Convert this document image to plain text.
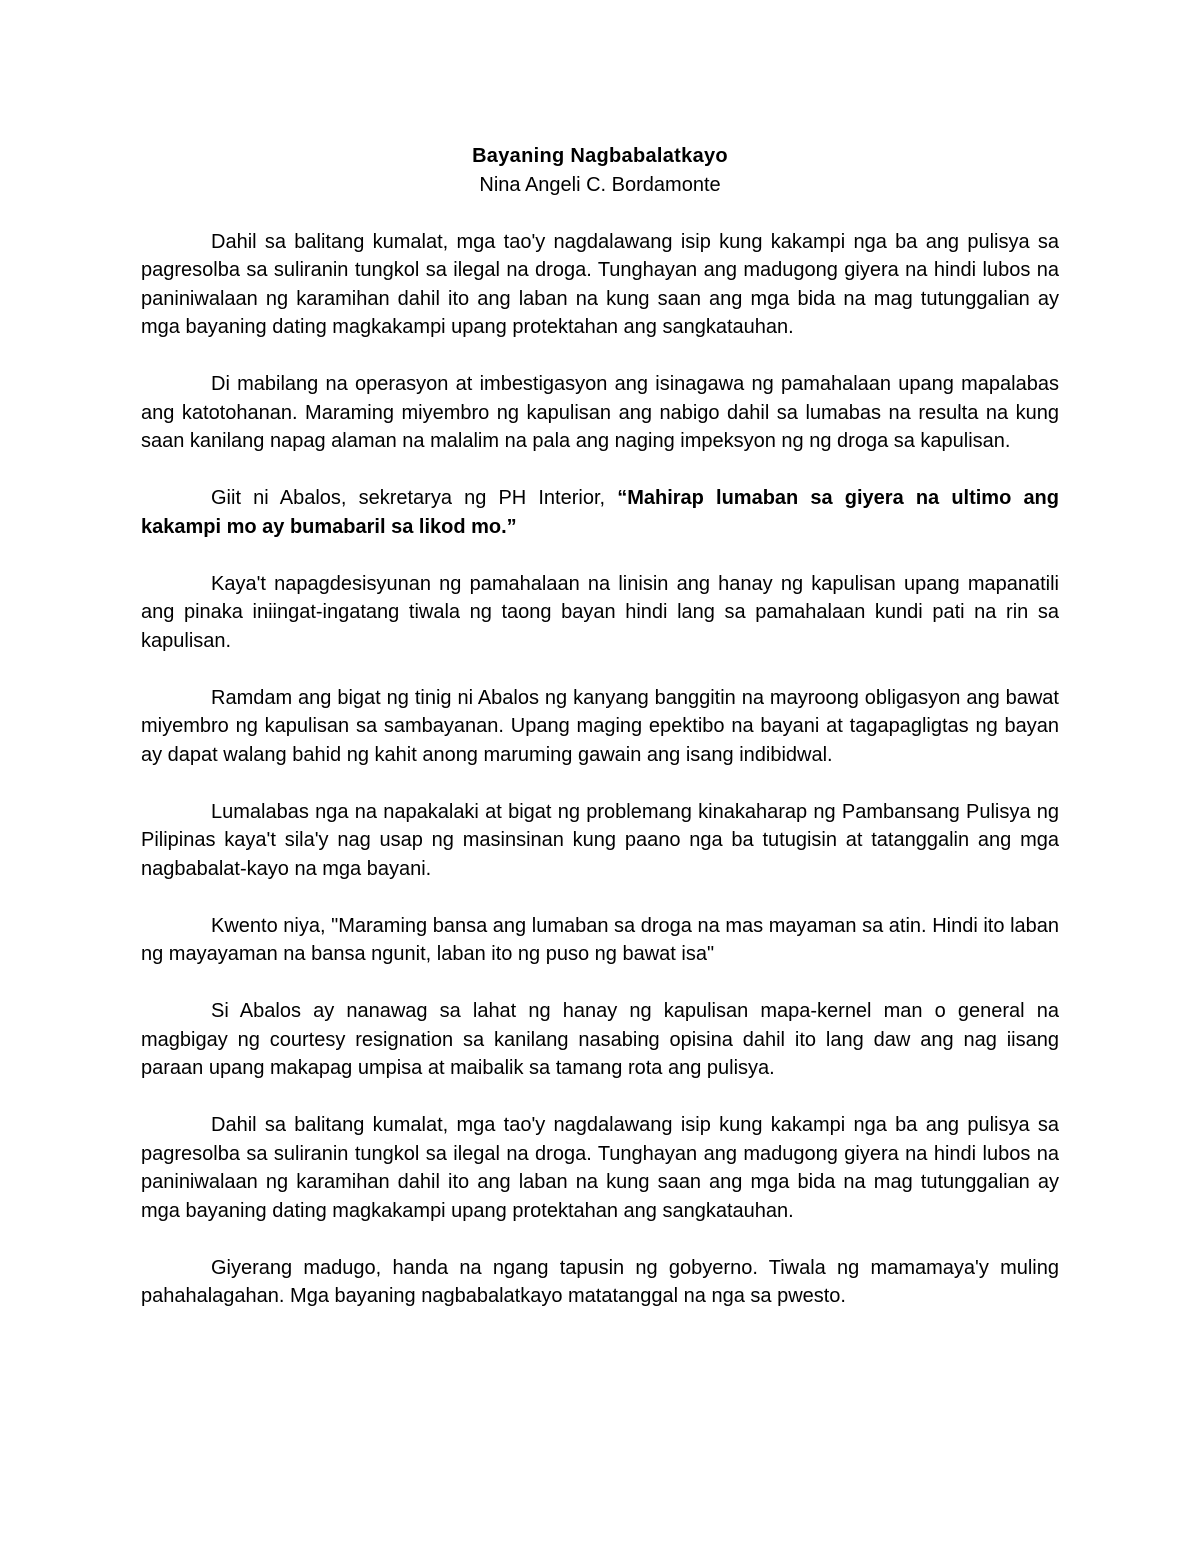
Bayaning Nagbabalatkayo

Nina Angeli C. Bordamonte

Dahil sa balitang kumalat, mga tao'y nagdalawang isip kung kakampi nga ba ang pulisya sa pagresolba sa suliranin tungkol sa ilegal na droga. Tunghayan ang madugong giyera na hindi lubos na paniniwalaan ng karamihan dahil ito ang laban na kung saan ang mga bida na mag tutunggalian ay mga bayaning dating magkakampi upang protektahan ang sangkatauhan.

Di mabilang na operasyon at imbestigasyon ang isinagawa ng pamahalaan upang mapalabas ang katotohanan. Maraming miyembro ng kapulisan ang nabigo dahil sa lumabas na resulta na kung saan kanilang napag alaman na malalim na pala ang naging impeksyon ng ng droga sa kapulisan.

Giit ni Abalos, sekretarya ng PH Interior, “Mahirap lumaban sa giyera na ultimo ang kakampi mo ay bumabaril sa likod mo.”

Kaya't napagdesisyunan ng pamahalaan na linisin ang hanay ng kapulisan upang mapanatili ang pinaka iniingat-ingatang tiwala ng taong bayan hindi lang sa pamahalaan kundi pati na rin sa kapulisan.

Ramdam ang bigat ng tinig ni Abalos ng kanyang banggitin na mayroong obligasyon ang bawat miyembro ng kapulisan sa sambayanan. Upang maging epektibo na bayani at tagapagligtas ng bayan ay dapat walang bahid ng kahit anong maruming gawain ang isang indibidwal.

Lumalabas nga na napakalaki at bigat ng problemang kinakaharap ng Pambansang Pulisya ng Pilipinas kaya't sila'y nag usap ng masinsinan kung paano nga ba tutugisin at tatanggalin ang mga nagbabalat-kayo na mga bayani.

Kwento niya, "Maraming bansa ang lumaban sa droga na mas mayaman sa atin. Hindi ito laban ng mayayaman na bansa ngunit, laban ito ng puso ng bawat isa"

Si Abalos ay nanawag sa lahat ng hanay ng kapulisan mapa-kernel man o general na magbigay ng courtesy resignation sa kanilang nasabing opisina dahil ito lang daw ang nag iisang paraan upang makapag umpisa at maibalik sa tamang rota ang pulisya.

Dahil sa balitang kumalat, mga tao'y nagdalawang isip kung kakampi nga ba ang pulisya sa pagresolba sa suliranin tungkol sa ilegal na droga. Tunghayan ang madugong giyera na hindi lubos na paniniwalaan ng karamihan dahil ito ang laban na kung saan ang mga bida na mag tutunggalian ay mga bayaning dating magkakampi upang protektahan ang sangkatauhan.

Giyerang madugo, handa na ngang tapusin ng gobyerno. Tiwala ng mamamaya'y muling pahahalagahan. Mga bayaning nagbabalatkayo matatanggal na nga sa pwesto.
